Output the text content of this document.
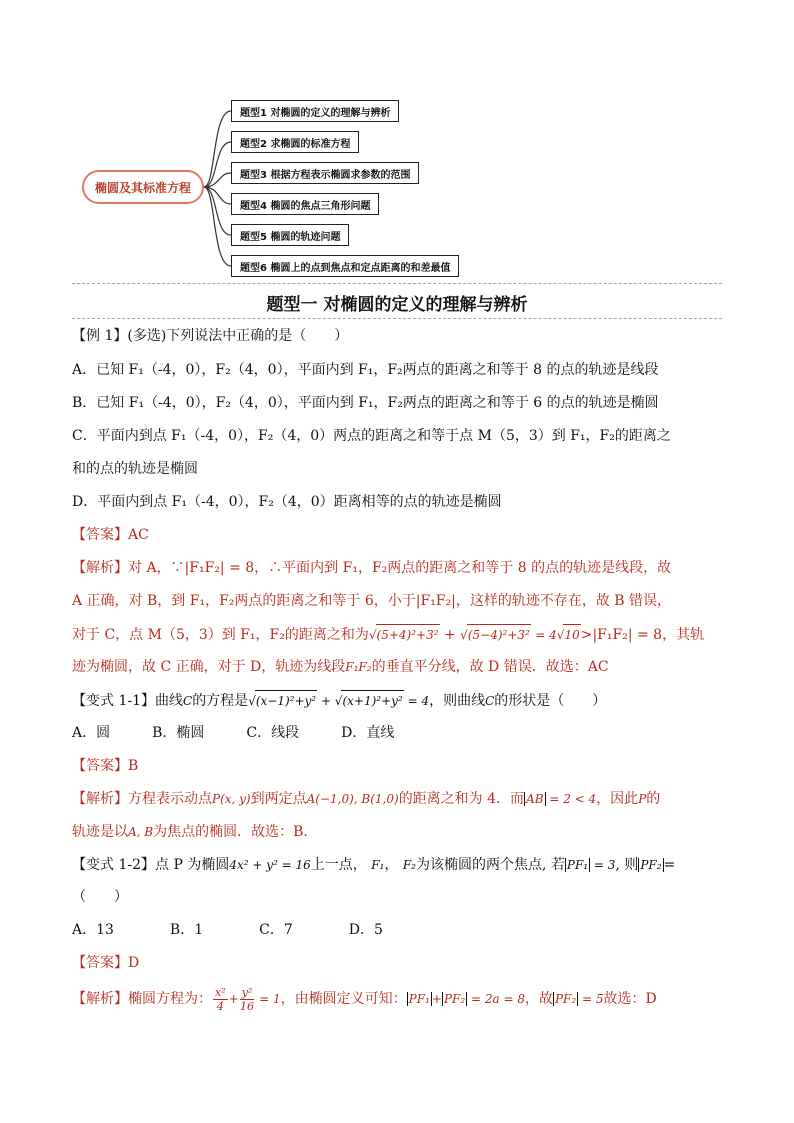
椭圆及其标准方程
题型1 对椭圆的定义的理解与辨析
题型2 求椭圆的标准方程
题型3 根据方程表示椭圆求参数的范围
题型4 椭圆的焦点三角形问题
题型5 椭圆的轨迹问题
题型6 椭圆上的点到焦点和定点距离的和差最值
题型一 对椭圆的定义的理解与辨析
【例 1】(多选)下列说法中正确的是（　　）
A．已知 F₁（-4，0），F₂（4，0），平面内到 F₁，F₂两点的距离之和等于 8 的点的轨迹是线段
B．已知 F₁（-4，0），F₂（4，0），平面内到 F₁，F₂两点的距离之和等于 6 的点的轨迹是椭圆
C．平面内到点 F₁（-4，0），F₂（4，0）两点的距离之和等于点 M（5，3）到 F₁，F₂的距离之
和的点的轨迹是椭圆
D．平面内到点 F₁（-4，0），F₂（4，0）距离相等的点的轨迹是椭圆
【答案】AC
【解析】对 A，∵|F₁F₂| = 8，∴平面内到 F₁，F₂两点的距离之和等于 8 的点的轨迹是线段，故
A 正确，对 B，到 F₁，F₂两点的距离之和等于 6，小于|F₁F₂|，这样的轨迹不存在，故 B 错误，
对于 C，点 M（5，3）到 F₁，F₂的距离之和为√(5+4)²+3² + √(5−4)²+3² = 4√10>|F₁F₂| = 8，其轨
迹为椭圆，故 C 正确，对于 D，轨迹为线段F₁F₂的垂直平分线，故 D 错误．故选：AC
【变式 1-1】曲线C的方程是√(x−1)²+y² + √(x+1)²+y² = 4，则曲线C的形状是（　　）
A．圆　　　B．椭圆　　　C．线段　　　D．直线
【答案】B
【解析】方程表示动点P(x, y)到两定点A(−1,0), B(1,0)的距离之和为 4．而 AB = 2 < 4，因此P的
轨迹是以A, B为焦点的椭圆．故选：B．
【变式 1-2】点 P 为椭圆4x² + y² = 16上一点， F₁， F₂为该椭圆的两个焦点, 若 PF₁ = 3, 则 PF₂ =
（　　）
A．13　　　　B．1　　　　C．7　　　　D．5
【答案】D
【解析】椭圆方程为： $\frac{\text{x²}}{4} + \frac{\text{y²}}{16} = 1$，由椭圆定义可知： PF₁ + PF₂ = 2a = 8，故 PF₂ = 5故选：D
